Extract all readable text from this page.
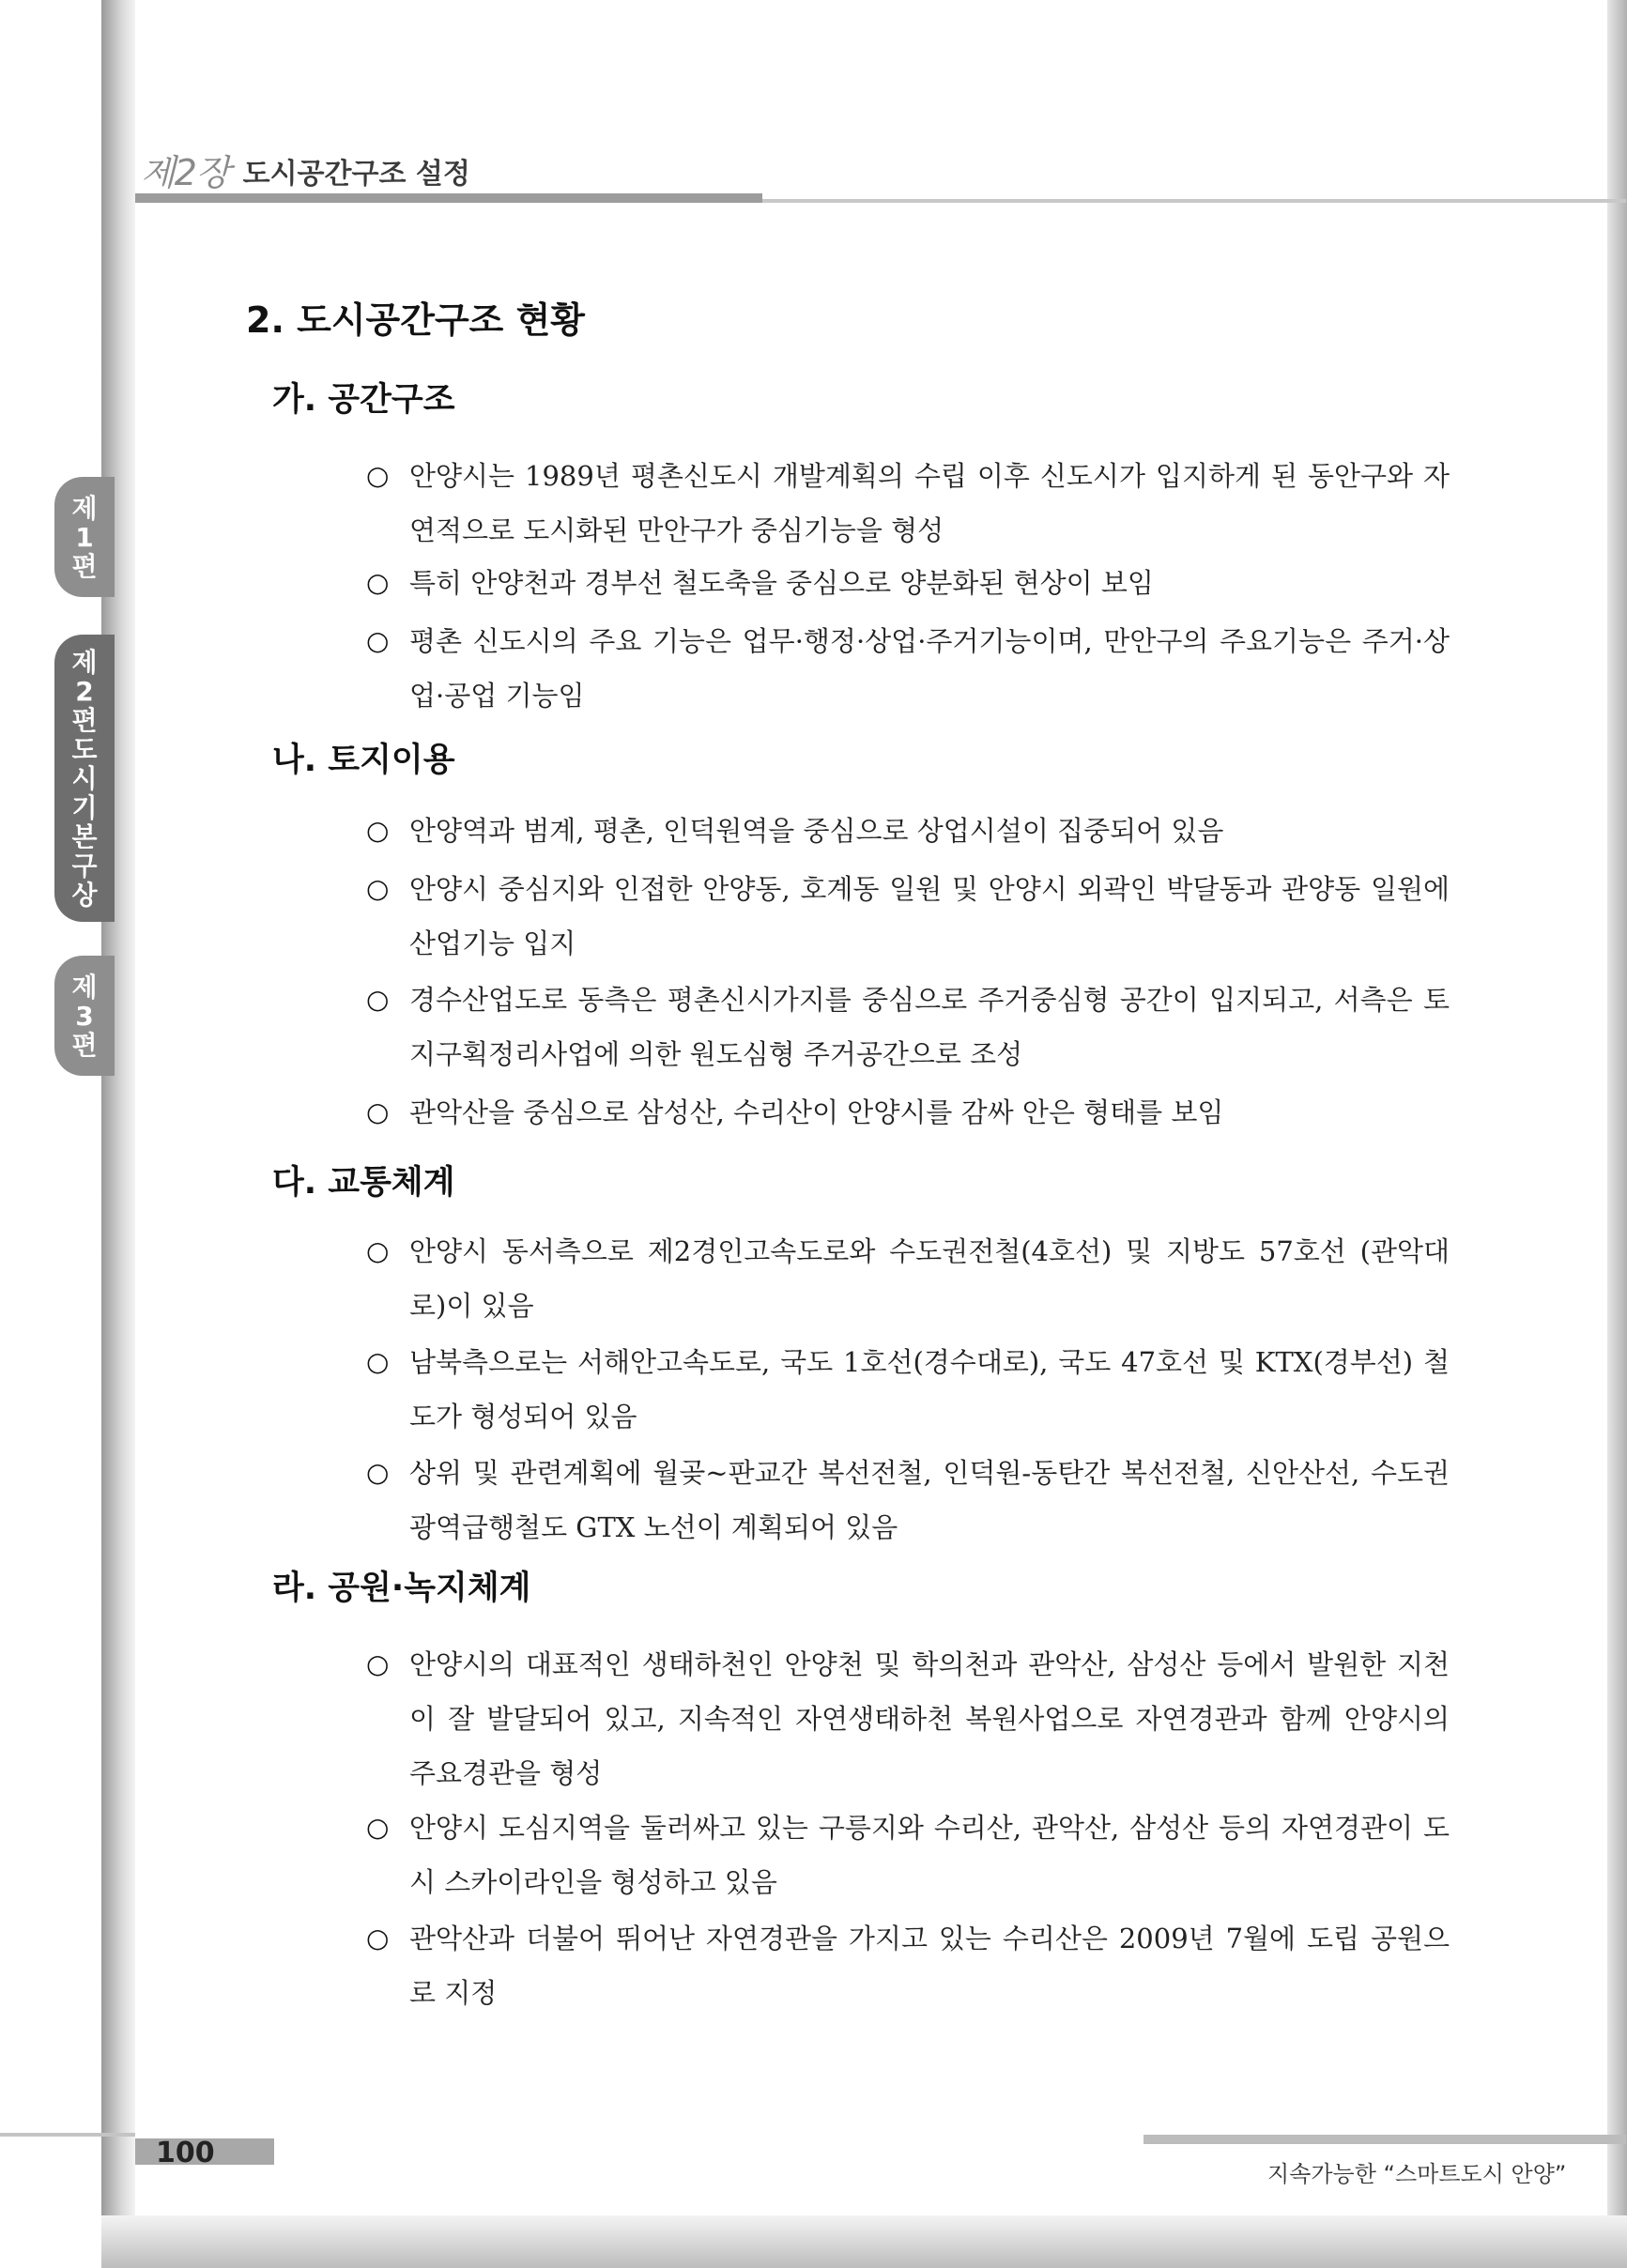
제2장 도시공간구조 설정
제
1
편
제
2
편
도
시
기
본
구
상
제
3
편
2. 도시공간구조 현황
가. 공간구조
○ 안양시는 1989년 평촌신도시 개발계획의 수립 이후 신도시가 입지하게 된 동안구와 자연적으로 도시화된 만안구가 중심기능을 형성
○ 특히 안양천과 경부선 철도축을 중심으로 양분화된 현상이 보임
○ 평촌 신도시의 주요 기능은 업무·행정·상업·주거기능이며, 만안구의 주요기능은 주거·상업·공업 기능임
나. 토지이용
○ 안양역과 범계, 평촌, 인덕원역을 중심으로 상업시설이 집중되어 있음
○ 안양시 중심지와 인접한 안양동, 호계동 일원 및 안양시 외곽인 박달동과 관양동 일원에 산업기능 입지
○ 경수산업도로 동측은 평촌신시가지를 중심으로 주거중심형 공간이 입지되고, 서측은 토지구획정리사업에 의한 원도심형 주거공간으로 조성
○ 관악산을 중심으로 삼성산, 수리산이 안양시를 감싸 안은 형태를 보임
다. 교통체계
○ 안양시 동서측으로 제2경인고속도로와 수도권전철(4호선) 및 지방도 57호선 (관악대로)이 있음
○ 남북측으로는 서해안고속도로, 국도 1호선(경수대로), 국도 47호선 및 KTX(경부선) 철도가 형성되어 있음
○ 상위 및 관련계획에 월곶~판교간 복선전철, 인덕원-동탄간 복선전철, 신안산선, 수도권 광역급행철도 GTX 노선이 계획되어 있음
라. 공원·녹지체계
○ 안양시의 대표적인 생태하천인 안양천 및 학의천과 관악산, 삼성산 등에서 발원한 지천이 잘 발달되어 있고, 지속적인 자연생태하천 복원사업으로 자연경관과 함께 안양시의 주요경관을 형성
○ 안양시 도심지역을 둘러싸고 있는 구릉지와 수리산, 관악산, 삼성산 등의 자연경관이 도시 스카이라인을 형성하고 있음
○ 관악산과 더불어 뛰어난 자연경관을 가지고 있는 수리산은 2009년 7월에 도립 공원으로 지정
100
지속가능한 “스마트도시 안양”
